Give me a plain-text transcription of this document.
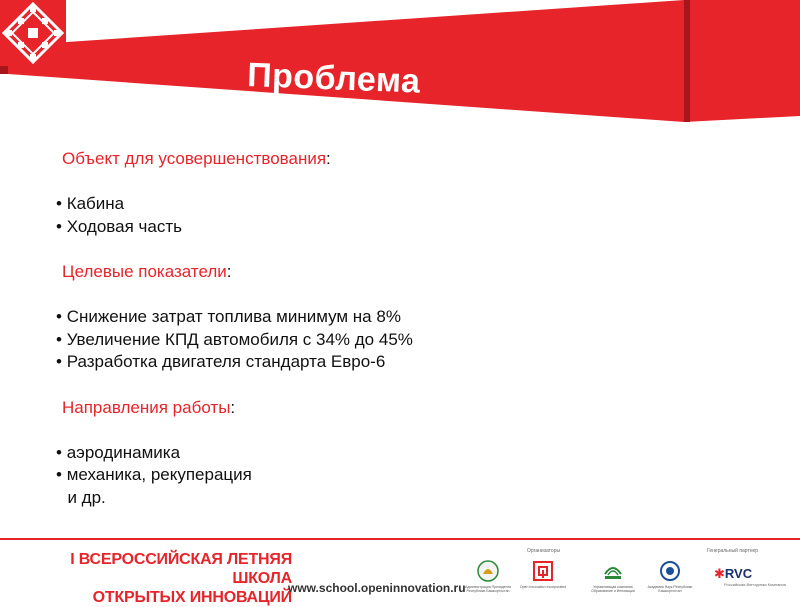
Проблема
Объект для усовершенствования:
• Кабина
• Ходовая часть
Целевые показатели:
• Снижение затрат топлива минимум на 8%
• Увеличение КПД автомобиля с 34% до 45%
• Разработка двигателя стандарта Евро-6
Направления работы:
• аэродинамика
• механика, рекуперация
и др.
I ВСЕРОССИЙСКАЯ ЛЕТНЯЯ ШКОЛА
ОТКРЫТЫХ ИННОВАЦИЙ
www.school.openinnovation.ru
Организаторы	Генеральный партнер
Администрация Президента Республики Башкортостан
Open Innovation Incorporated	Управляющая компания Образование и Инновации
Академия Наук Республики Башкортостан
✱RVC
Российская Венчурная Компания
